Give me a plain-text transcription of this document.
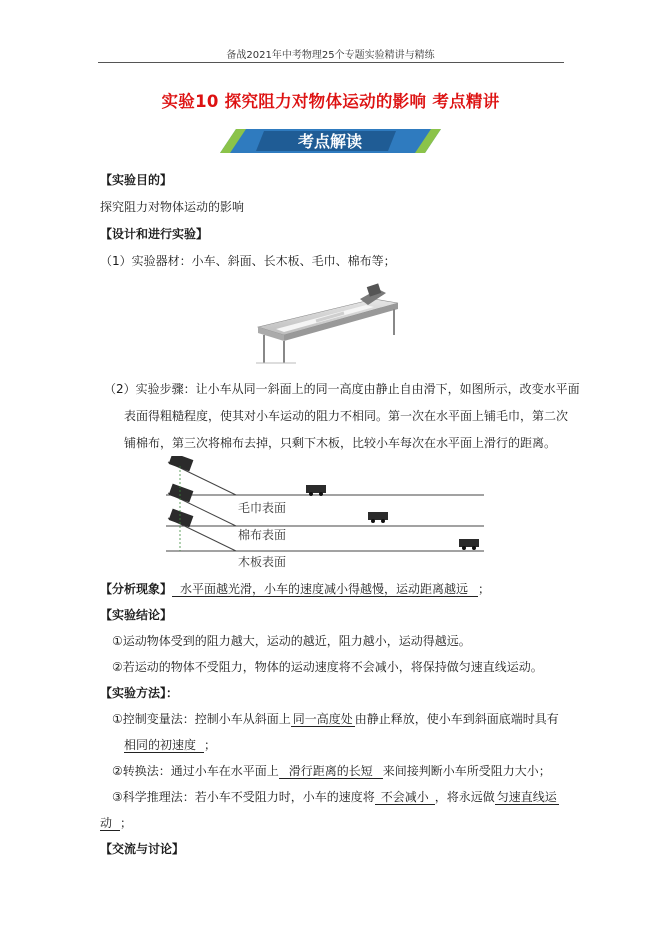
备战2021年中考物理25个专题实验精讲与精练
实验10 探究阻力对物体运动的影响 考点精讲
考点解读
【实验目的】
探究阻力对物体运动的影响
【设计和进行实验】
（1）实验器材：小车、斜面、长木板、毛巾、棉布等；
（2）实验步骤：让小车从同一斜面上的同一高度由静止自由滑下，如图所示，改变水平面
表面得粗糙程度，使其对小车运动的阻力不相同。第一次在水平面上铺毛巾，第二次
铺棉布，第三次将棉布去掉，只剩下木板，比较小车每次在水平面上滑行的距离。
毛巾表面
棉布表面
木板表面
【分析现象】 水平面越光滑，小车的速度减小得越慢，运动距离越远 ；
【实验结论】
①运动物体受到的阻力越大，运动的越近，阻力越小，运动得越远。
②若运动的物体不受阻力，物体的运动速度将不会减小，将保持做匀速直线运动。
【实验方法】：
①控制变量法：控制小车从斜面上 同一高度处 由静止释放，使小车到斜面底端时具有
相同的初速度 ；
②转换法：通过小车在水平面上 滑行距离的长短 来间接判断小车所受阻力大小；
③科学推理法：若小车不受阻力时，小车的速度将 不会减小 ，将永远做 匀速直线运
动 ；
【交流与讨论】
